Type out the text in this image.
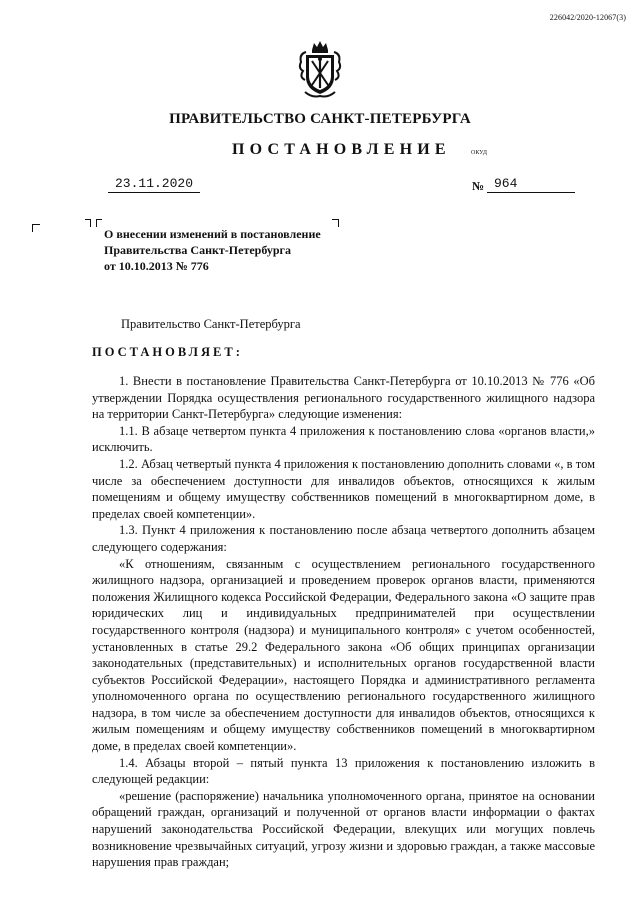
226042/2020-12067(3)
ПРАВИТЕЛЬСТВО САНКТ-ПЕТЕРБУРГА
ПОСТАНОВЛЕНИЕ	ОКУД
23.11.2020	№ 964
О внесении изменений в постановление
Правительства Санкт-Петербурга
от 10.10.2013 № 776
Правительство Санкт-Петербурга
ПОСТАНОВЛЯЕТ:

1. Внести в постановление Правительства Санкт-Петербурга от 10.10.2013 № 776 «Об утверждении Порядка осуществления регионального государственного жилищного надзора на территории Санкт-Петербурга» следующие изменения:

1.1. В абзаце четвертом пункта 4 приложения к постановлению слова «органов власти,» исключить.

1.2. Абзац четвертый пункта 4 приложения к постановлению дополнить словами «, в том числе за обеспечением доступности для инвалидов объектов, относящихся к жилым помещениям и общему имуществу собственников помещений в многоквартирном доме, в пределах своей компетенции».

1.3. Пункт 4 приложения к постановлению после абзаца четвертого дополнить абзацем следующего содержания:

«К отношениям, связанным с осуществлением регионального государственного жилищного надзора, организацией и проведением проверок органов власти, применяются положения Жилищного кодекса Российской Федерации, Федерального закона «О защите прав юридических лиц и индивидуальных предпринимателей при осуществлении государственного контроля (надзора) и муниципального контроля» с учетом особенностей, установленных в статье 29.2 Федерального закона «Об общих принципах организации законодательных (представительных) и исполнительных органов государственной власти субъектов Российской Федерации», настоящего Порядка и административного регламента уполномоченного органа по осуществлению регионального государственного жилищного надзора, в том числе за обеспечением доступности для инвалидов объектов, относящихся к жилым помещениям и общему имуществу собственников помещений в многоквартирном доме, в пределах своей компетенции».

1.4. Абзацы второй – пятый пункта 13 приложения к постановлению изложить в следующей редакции:

«решение (распоряжение) начальника уполномоченного органа, принятое на основании обращений граждан, организаций и полученной от органов власти информации о фактах нарушений законодательства Российской Федерации, влекущих или могущих повлечь возникновение чрезвычайных ситуаций, угрозу жизни и здоровью граждан, а также массовые нарушения прав граждан;
